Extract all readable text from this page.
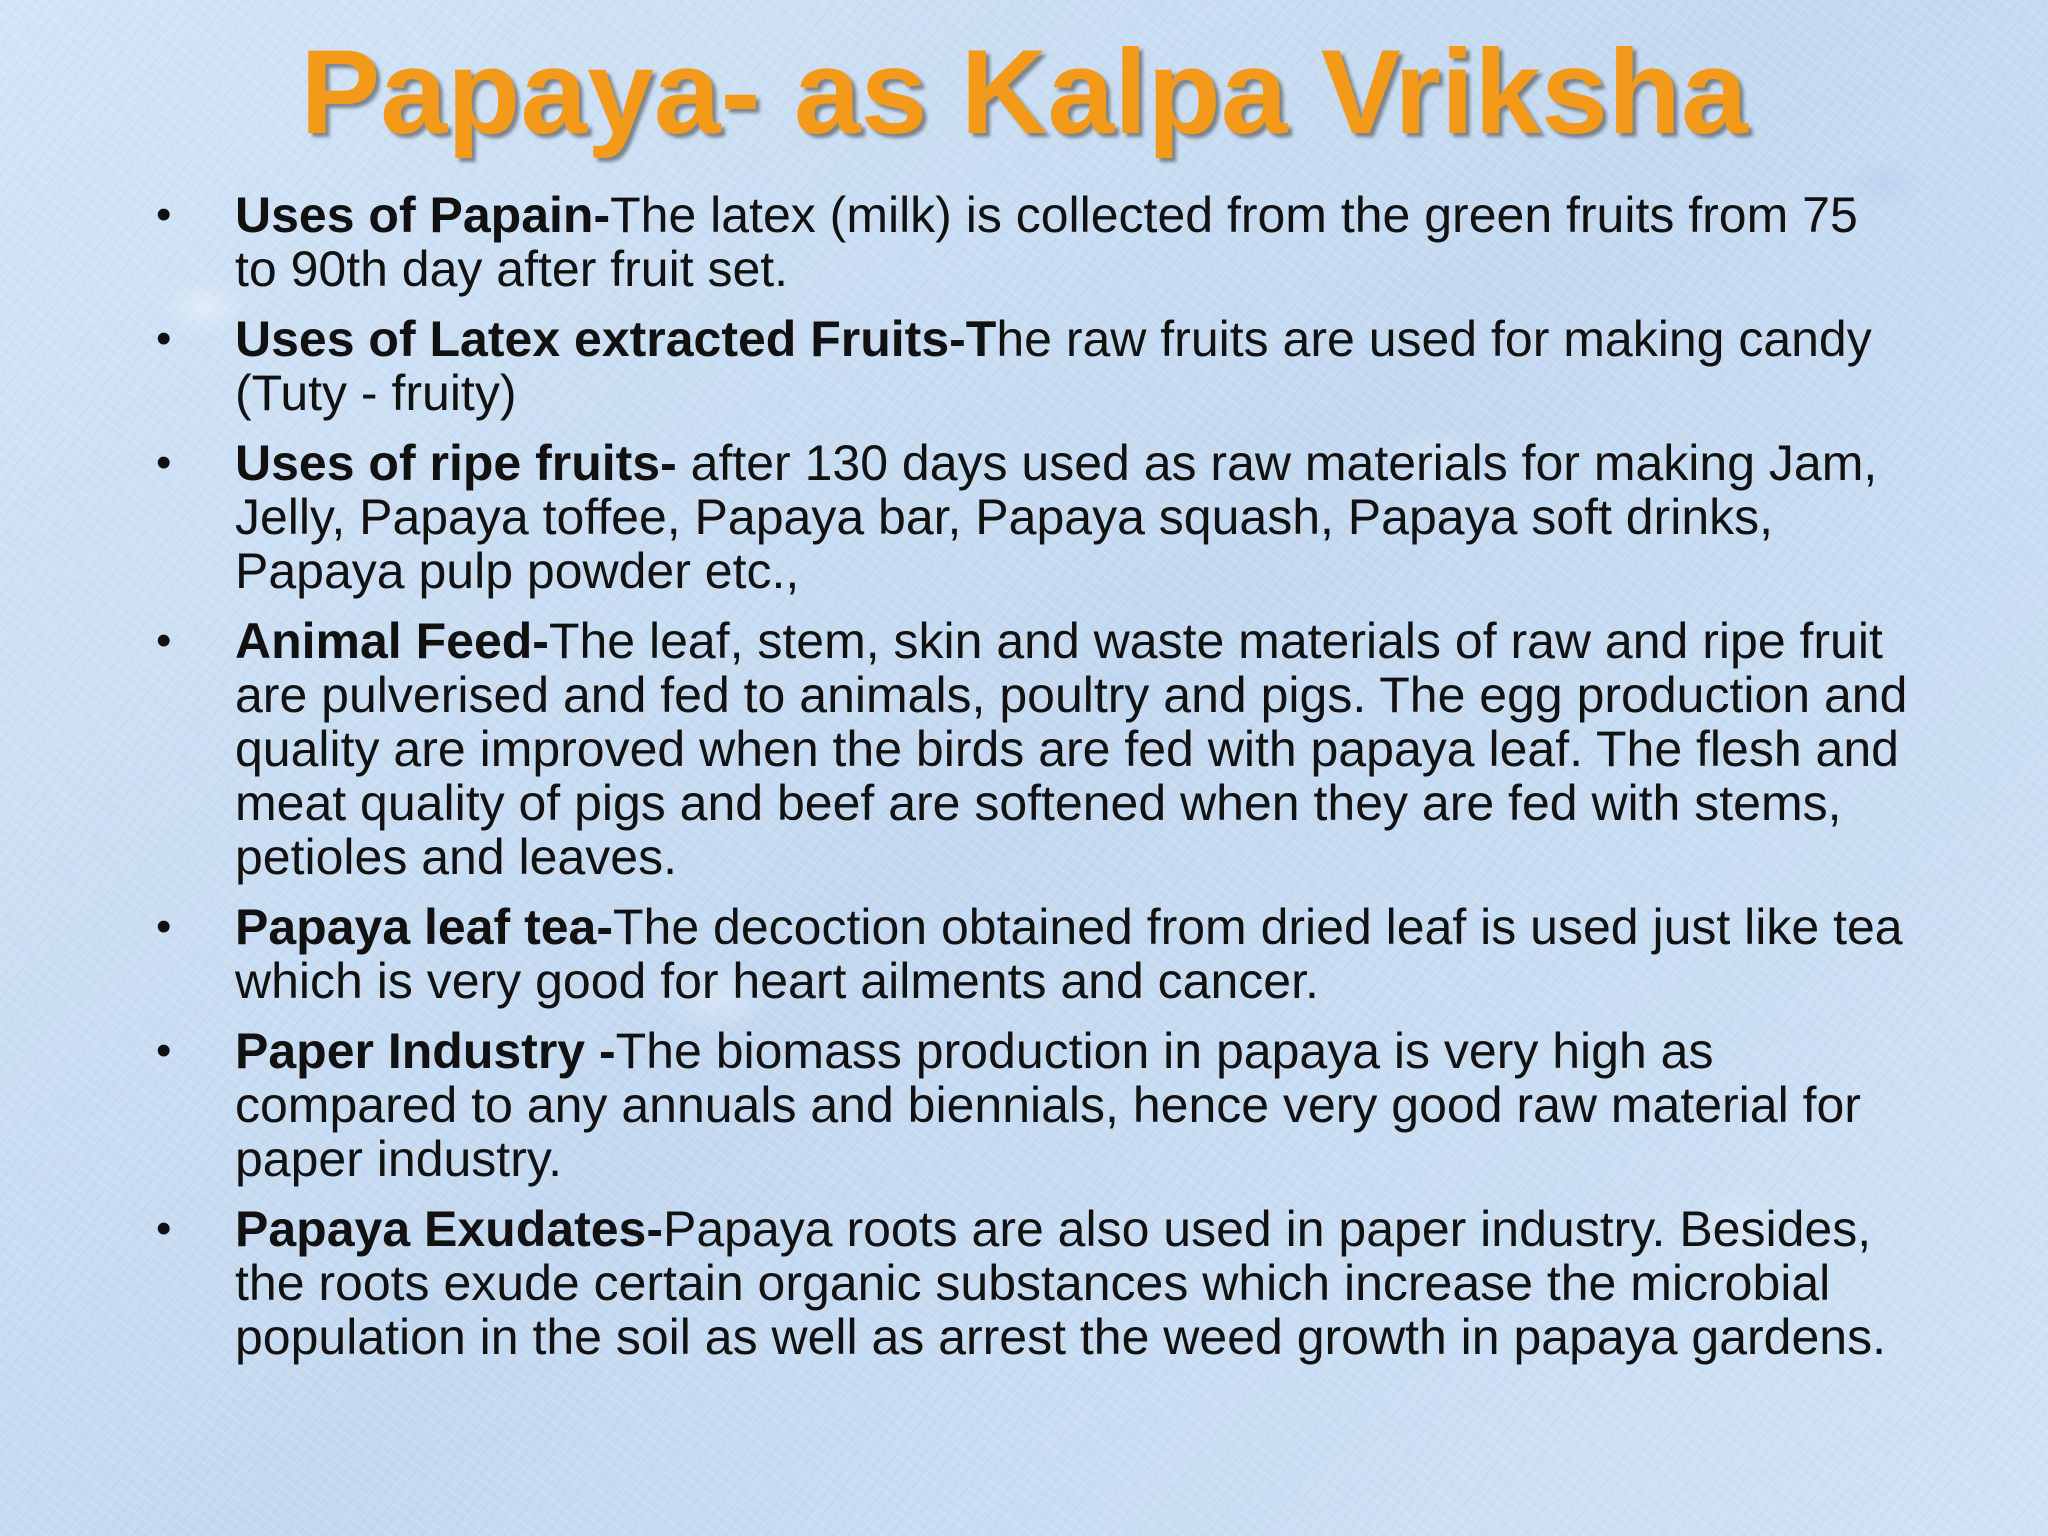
Papaya- as Kalpa Vriksha
• Uses of Papain-The latex (milk) is collected from the green fruits from 75 to 90th day after fruit set.
• Uses of Latex extracted Fruits-The raw fruits are used for making candy (Tuty - fruity)
• Uses of ripe fruits- after 130 days used as raw materials for making Jam, Jelly, Papaya toffee, Papaya bar, Papaya squash, Papaya soft drinks, Papaya pulp powder etc.,
• Animal Feed-The leaf, stem, skin and waste materials of raw and ripe fruit are pulverised and fed to animals, poultry and pigs. The egg production and quality are improved when the birds are fed with papaya leaf. The flesh and meat quality of pigs and beef are softened when they are fed with stems, petioles and leaves.
• Papaya leaf tea-The decoction obtained from dried leaf is used just like tea which is very good for heart ailments and cancer.
• Paper Industry -The biomass production in papaya is very high as compared to any annuals and biennials, hence very good raw material for paper industry.
• Papaya Exudates-Papaya roots are also used in paper industry. Besides, the roots exude certain organic substances which increase the microbial population in the soil as well as arrest the weed growth in papaya gardens.
